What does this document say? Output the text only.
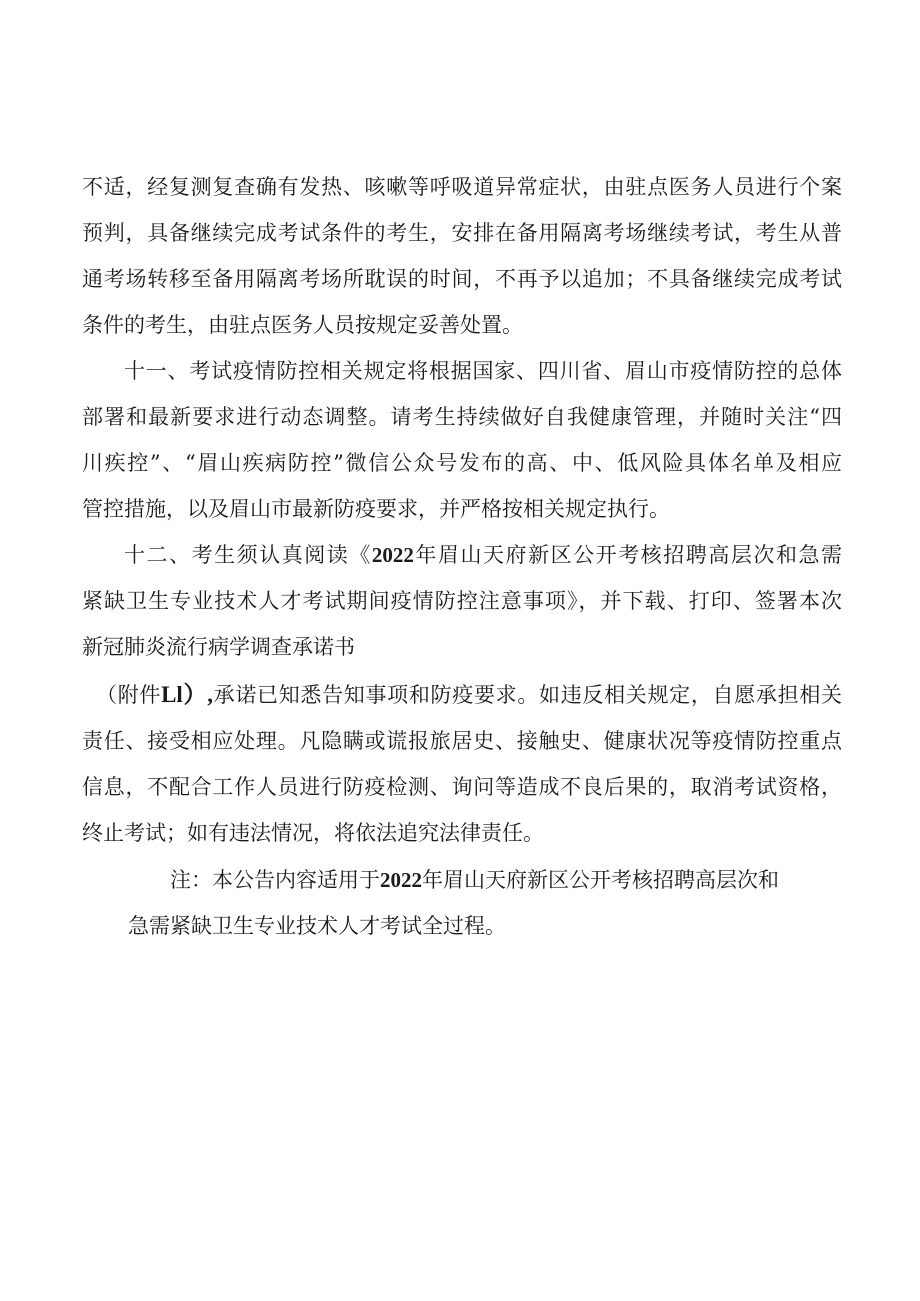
不适，经复测复查确有发热、咳嗽等呼吸道异常症状，由驻点医务人员进行个案
预判，具备继续完成考试条件的考生，安排在备用隔离考场继续考试，考生从普
通考场转移至备用隔离考场所耽误的时间，不再予以追加；不具备继续完成考试
条件的考生，由驻点医务人员按规定妥善处置。
十一、考试疫情防控相关规定将根据国家、四川省、眉山市疫情防控的总体
部署和最新要求进行动态调整。请考生持续做好自我健康管理，并随时关注“四
川疾控”、“眉山疾病防控”微信公众号发布的高、中、低风险具体名单及相应
管控措施，以及眉山市最新防疫要求，并严格按相关规定执行。
十二、考生须认真阅读《2022年眉山天府新区公开考核招聘高层次和急需
紧缺卫生专业技术人才考试期间疫情防控注意事项》，并下载、打印、签署本次
新冠肺炎流行病学调查承诺书
（附件Ll）,承诺已知悉告知事项和防疫要求。如违反相关规定，自愿承担相关
责任、接受相应处理。凡隐瞒或谎报旅居史、接触史、健康状况等疫情防控重点
信息，不配合工作人员进行防疫检测、询问等造成不良后果的，取消考试资格，
终止考试；如有违法情况，将依法追究法律责任。
注：本公告内容适用于2022年眉山天府新区公开考核招聘高层次和
急需紧缺卫生专业技术人才考试全过程。
